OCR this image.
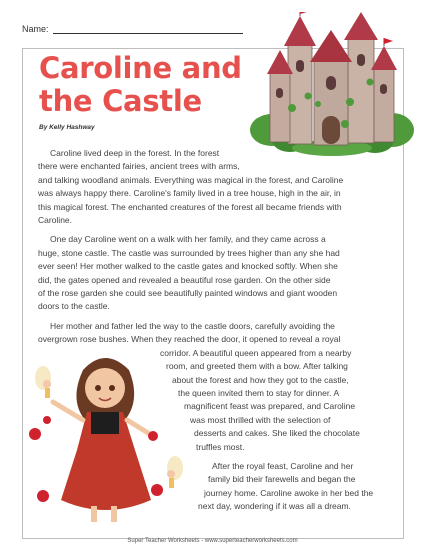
Name:
Caroline and the Castle
By Kelly Hashway

Caroline lived deep in the forest. In the forest
there were enchanted fairies, ancient trees with arms,

and talking woodland animals. Everything was magical in the forest, and Caroline
was always happy there. Caroline's family lived in a tree house, high in the air, in
this magical forest. The enchanted creatures of the forest all became friends with
Caroline.

One day Caroline went on a walk with her family, and they came across a
huge, stone castle. The castle was surrounded by trees higher than any she had
ever seen! Her mother walked to the castle gates and knocked softly. When she
did, the gates opened and revealed a beautiful rose garden. On the other side
of the rose garden she could see beautifully painted windows and giant wooden
doors to the castle.

Her mother and father led the way to the castle doors, carefully avoiding the
overgrown rose bushes. When they reached the door, it opened to reveal a royal
corridor. A beautiful queen appeared from a nearby
room, and greeted them with a bow. After talking
about the forest and how they got to the castle,
the queen invited them to stay for dinner. A
magnificent feast was prepared, and Caroline
was most thrilled with the selection of
desserts and cakes. She liked the chocolate
truffles most.

After the royal feast, Caroline and her
family bid their farewells and began the
journey home. Caroline awoke in her bed the
next day, wondering if it was all a dream.

Super Teacher Worksheets - www.superteacherworksheets.com
